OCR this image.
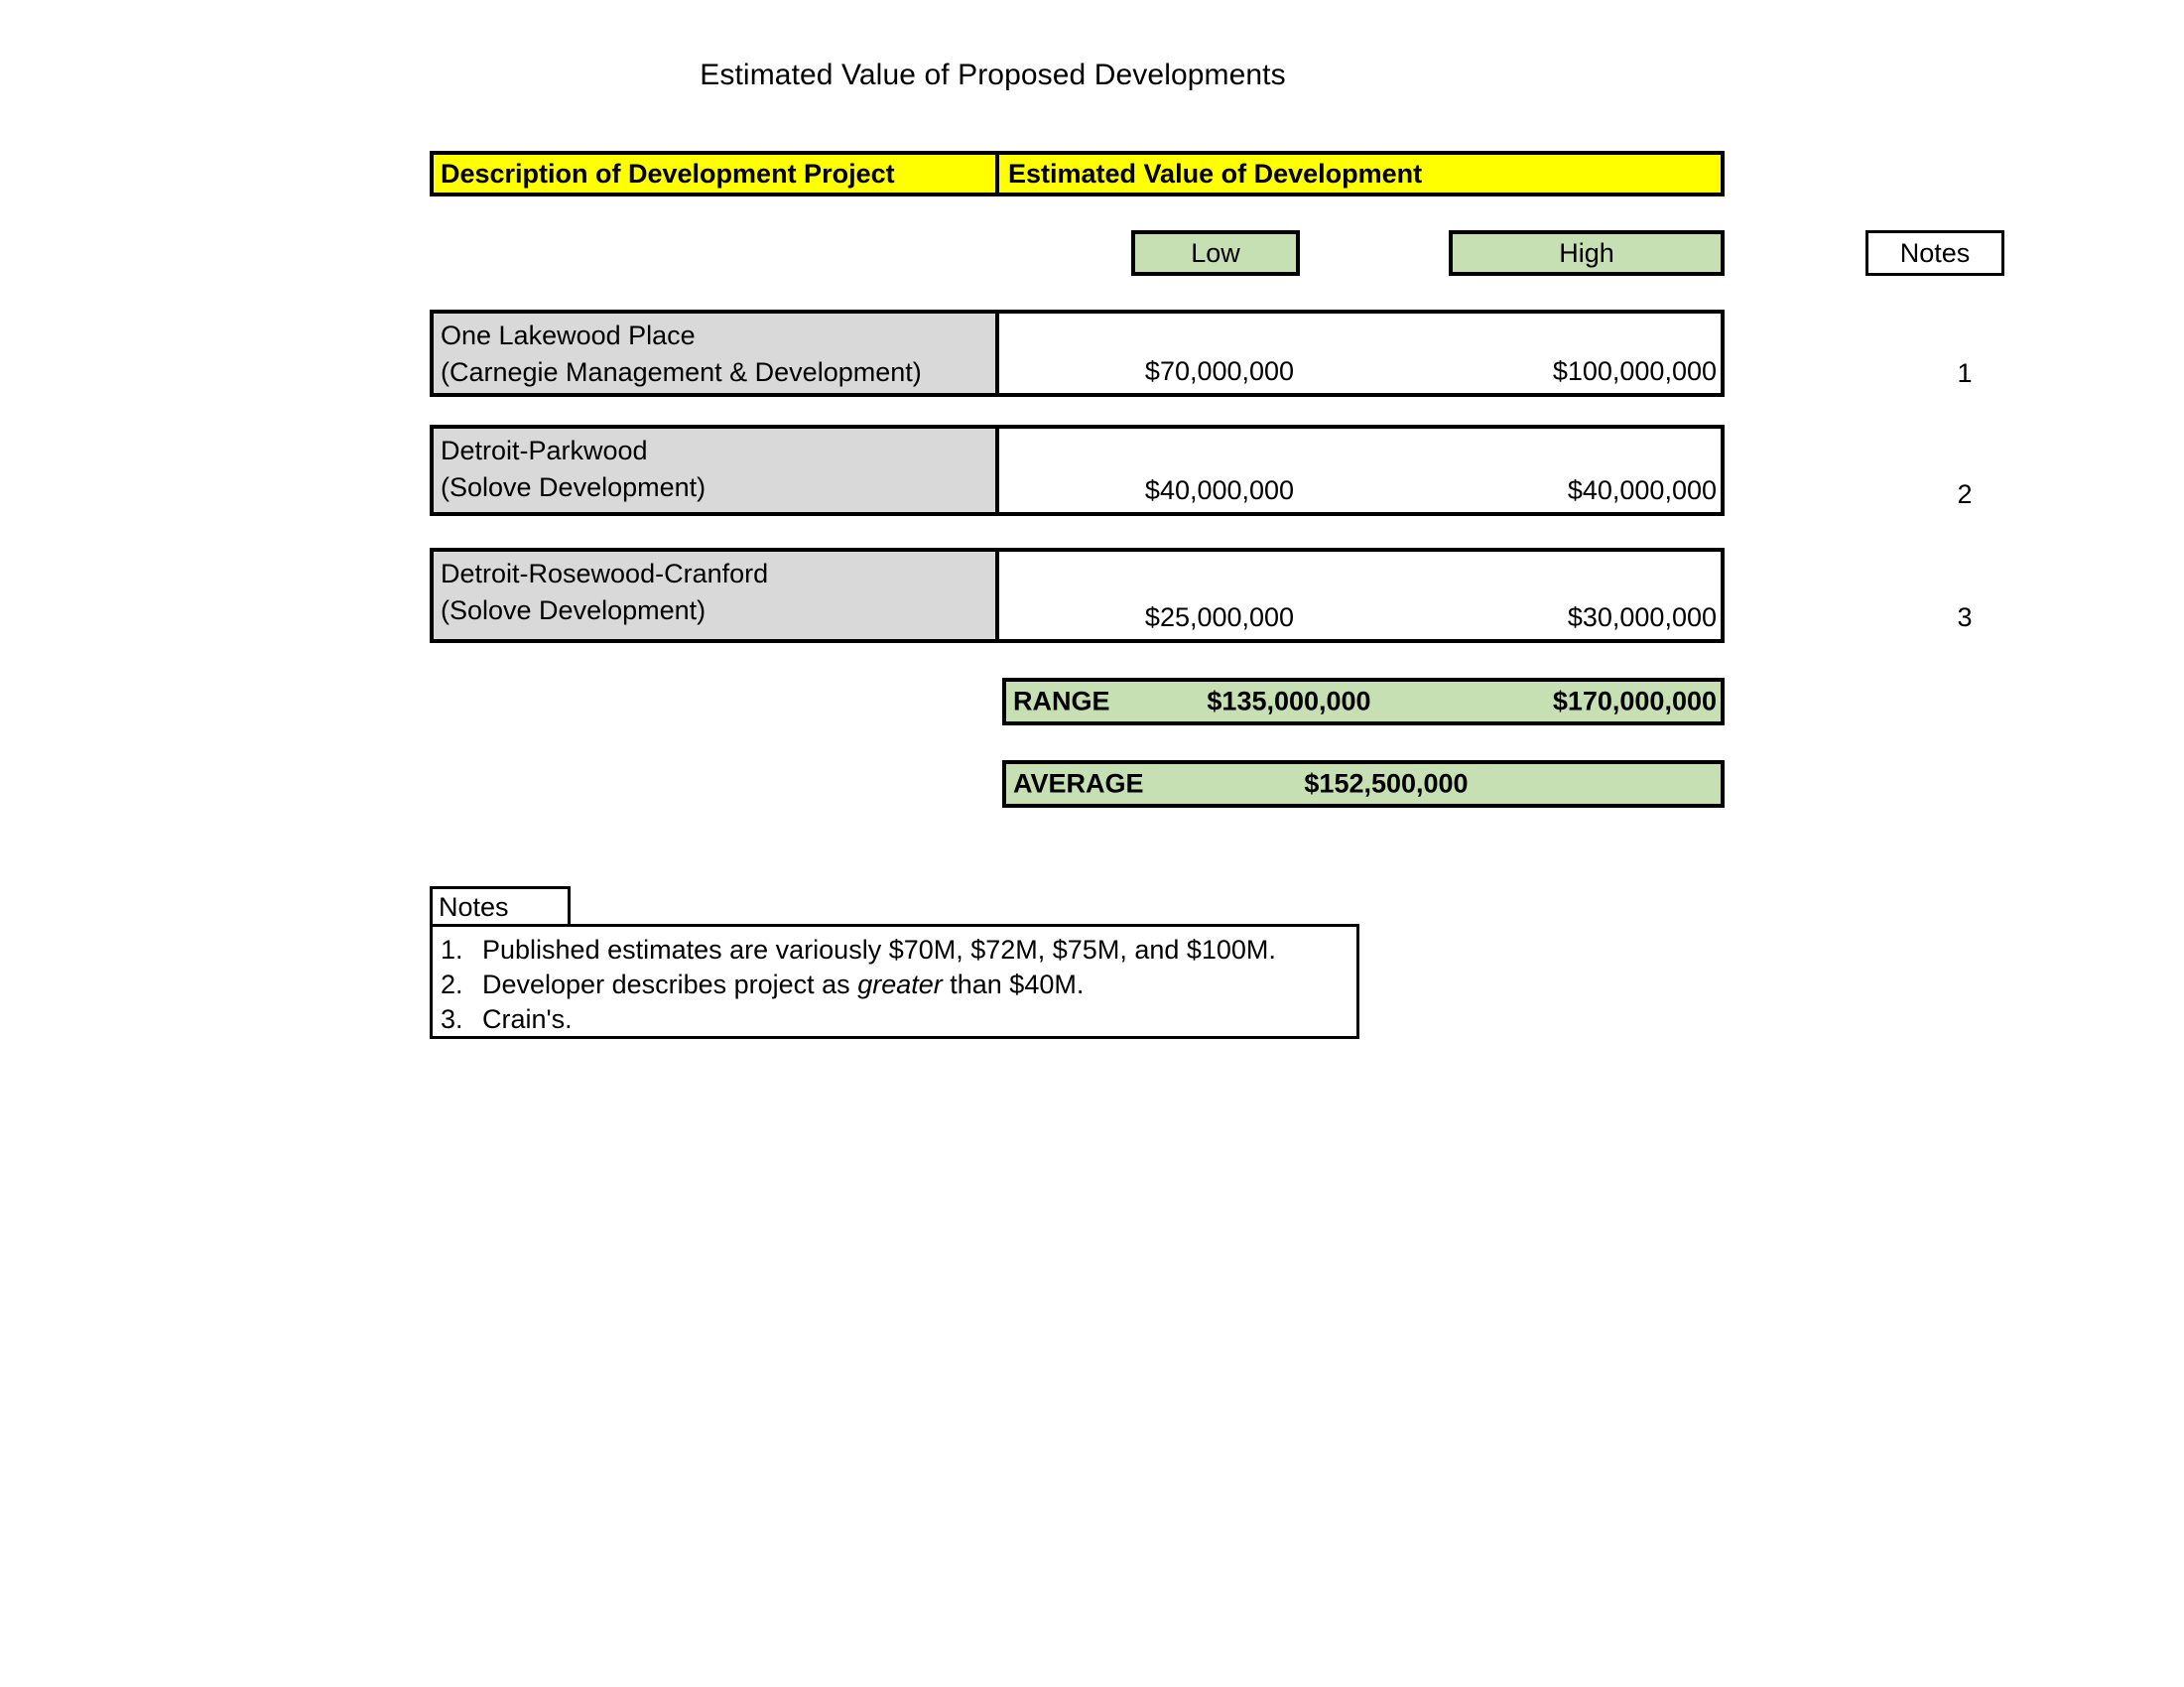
Estimated Value of Proposed Developments
Description of Development Project	Estimated Value of Development
Low	High	Notes
One Lakewood Place
(Carnegie Management & Development)	$70,000,000	$100,000,000	1
Detroit-Parkwood
(Solove Development)	$40,000,000	$40,000,000	2
Detroit-Rosewood-Cranford
(Solove Development)	$25,000,000	$30,000,000	3
RANGE	$135,000,000	$170,000,000
AVERAGE	$152,500,000
Notes
1. Published estimates are variously $70M, $72M, $75M, and $100M.
2. Developer describes project as greater than $40M.
3. Crain's.
